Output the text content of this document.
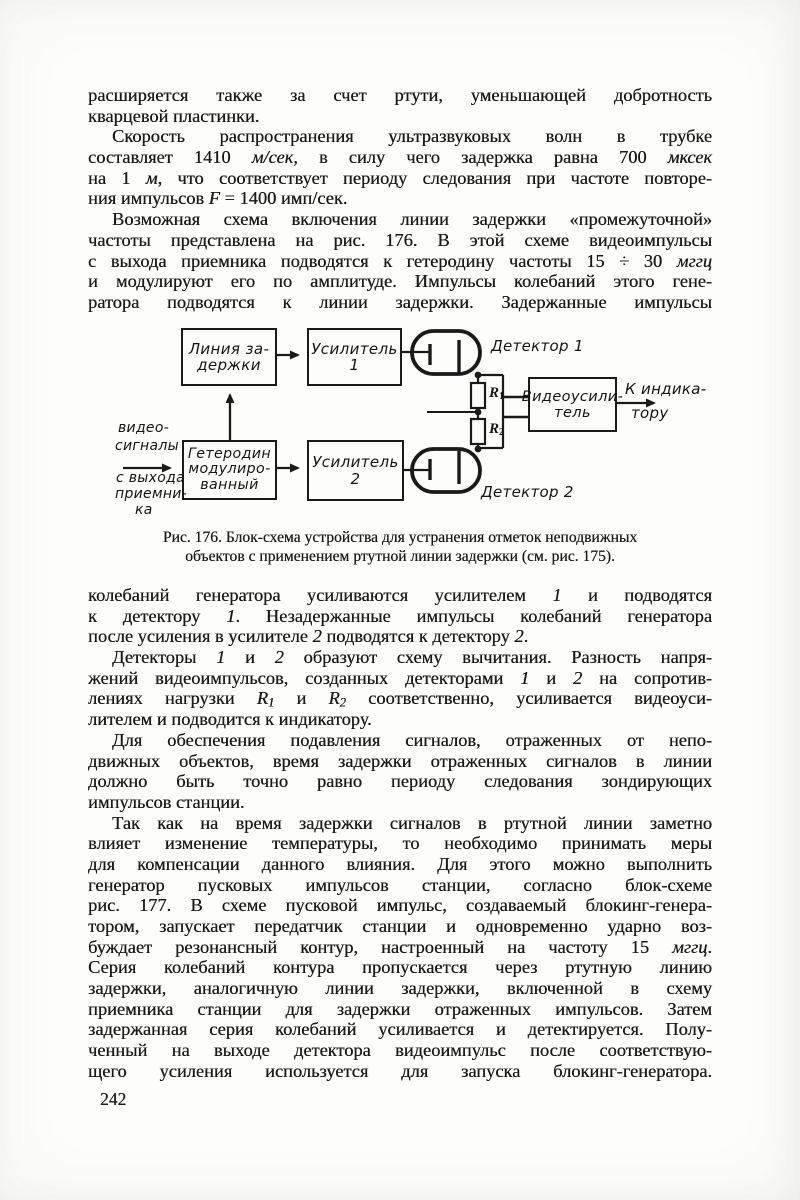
расширяется также за счет ртути, уменьшающей добротность
кварцевой пластинки.
Скорость распространения ультразвуковых волн в трубке
составляет 1410 м/сек, в силу чего задержка равна 700 мксек
на 1 м, что соответствует периоду следования при частоте повторе-
ния импульсов F = 1400 имп/сек.
Возможная схема включения линии задержки «промежуточной»
частоты представлена на рис. 176. В этой схеме видеоимпульсы
с выхода приемника подводятся к гетеродину частоты 15 ÷ 30 мггц
и модулируют его по амплитуде. Импульсы колебаний этого гене-
ратора подводятся к линии задержки. Задержанные импульсы
Линия за-
держки
Усилитель
1
Гетеродин
модулиро-
ванный
Усилитель
2
Видеоусили-
тель
видео-
сигналы
с выхода
приемни-
ка
Детектор 1
Детектор 2
R1
R2
К индика-
тору
Рис. 176. Блок-схема устройства для устранения отметок неподвижных
объектов с применением ртутной линии задержки (см. рис. 175).
колебаний генератора усиливаются усилителем 1 и подводятся
к детектору 1. Незадержанные импульсы колебаний генератора
после усиления в усилителе 2 подводятся к детектору 2.
Детекторы 1 и 2 образуют схему вычитания. Разность напря-
жений видеоимпульсов, созданных детекторами 1 и 2 на сопротив-
лениях нагрузки R1 и R2 соответственно, усиливается видеоуси-
лителем и подводится к индикатору.
Для обеспечения подавления сигналов, отраженных от непо-
движных объектов, время задержки отраженных сигналов в линии
должно быть точно равно периоду следования зондирующих
импульсов станции.
Так как на время задержки сигналов в ртутной линии заметно
влияет изменение температуры, то необходимо принимать меры
для компенсации данного влияния. Для этого можно выполнить
генератор пусковых импульсов станции, согласно блок-схеме
рис. 177. В схеме пусковой импульс, создаваемый блокинг-генера-
тором, запускает передатчик станции и одновременно ударно воз-
буждает резонансный контур, настроенный на частоту 15 мггц.
Серия колебаний контура пропускается через ртутную линию
задержки, аналогичную линии задержки, включенной в схему
приемника станции для задержки отраженных импульсов. Затем
задержанная серия колебаний усиливается и детектируется. Полу-
ченный на выходе детектора видеоимпульс после соответствую-
щего усиления используется для запуска блокинг-генератора.
242
